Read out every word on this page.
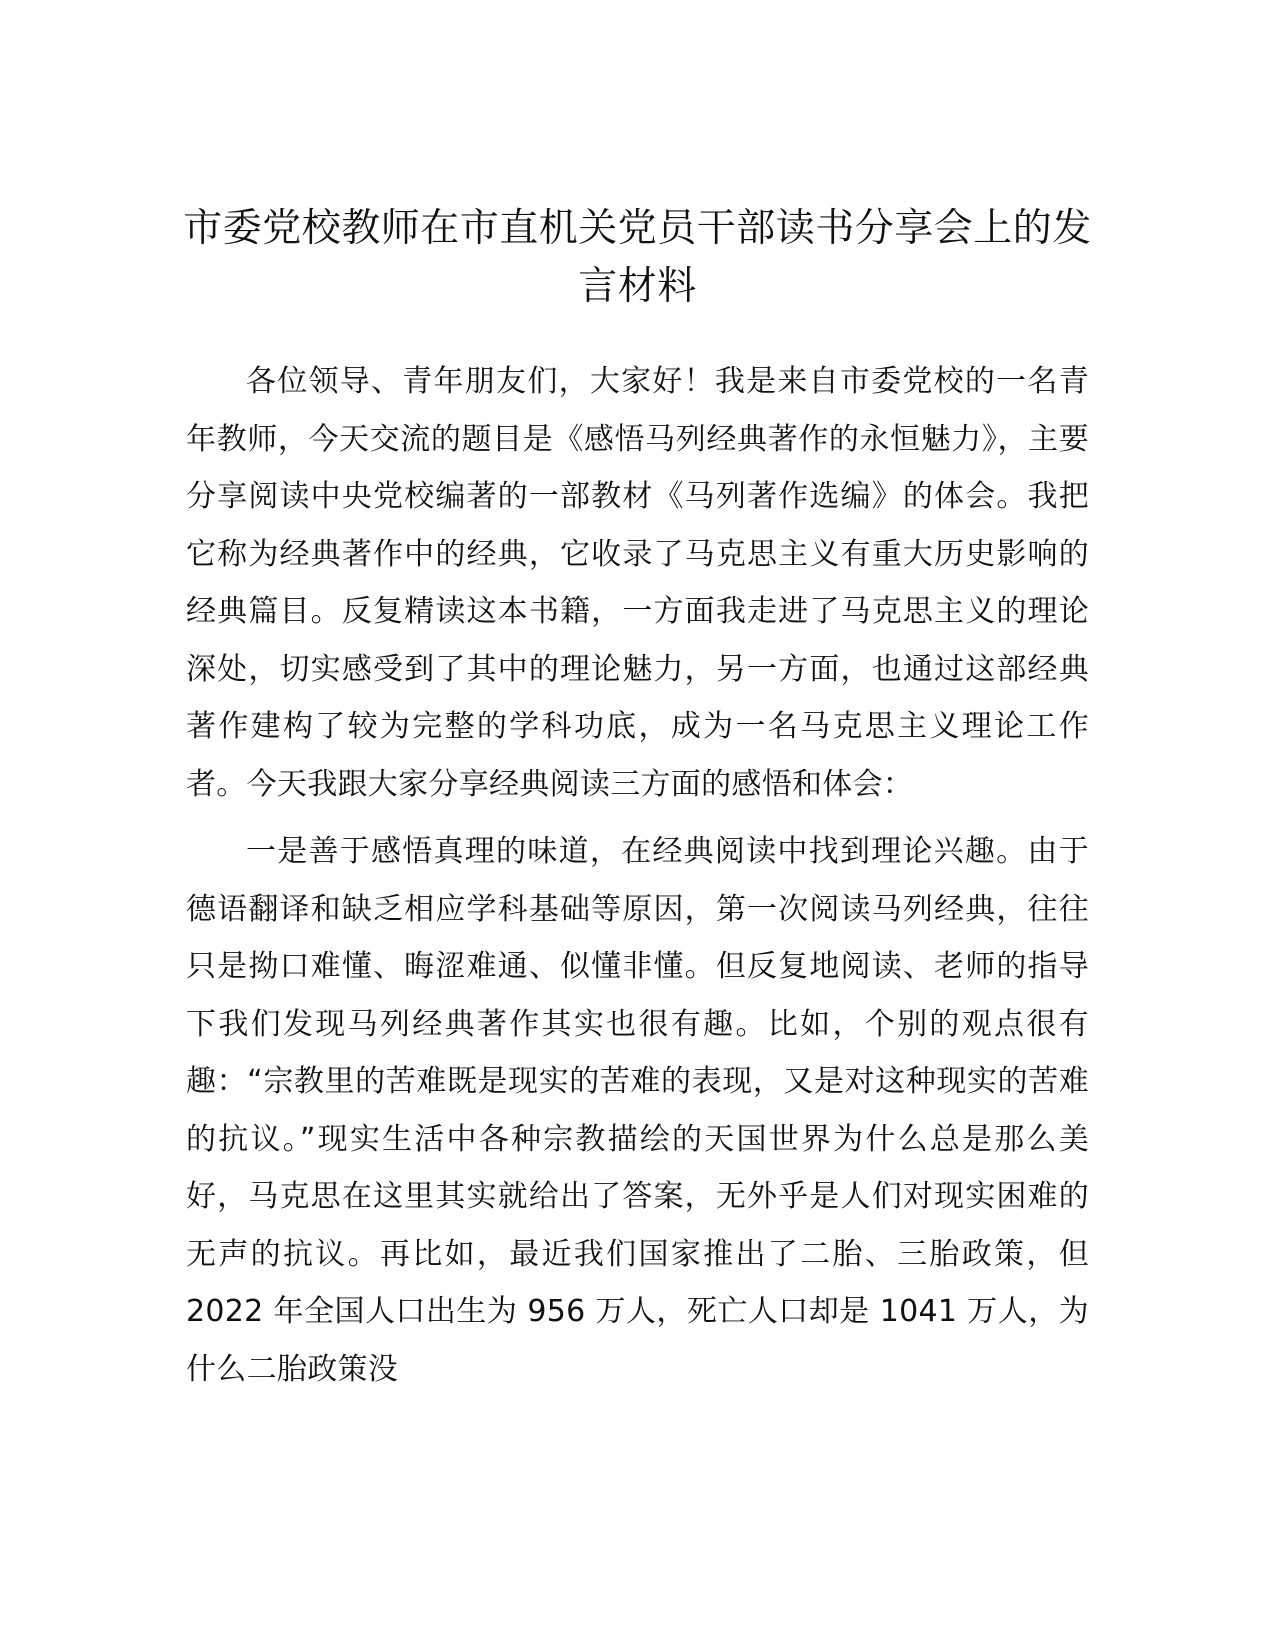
市委党校教师在市直机关党员干部读书分享会上的发言材料

各位领导、青年朋友们，大家好！我是来自市委党校的一名青年教师，今天交流的题目是《感悟马列经典著作的永恒魅力》，主要分享阅读中央党校编著的一部教材《马列著作选编》的体会。我把它称为经典著作中的经典，它收录了马克思主义有重大历史影响的经典篇目。反复精读这本书籍，一方面我走进了马克思主义的理论深处，切实感受到了其中的理论魅力，另一方面，也通过这部经典著作建构了较为完整的学科功底，成为一名马克思主义理论工作者。今天我跟大家分享经典阅读三方面的感悟和体会：

一是善于感悟真理的味道，在经典阅读中找到理论兴趣。由于德语翻译和缺乏相应学科基础等原因，第一次阅读马列经典，往往只是拗口难懂、晦涩难通、似懂非懂。但反复地阅读、老师的指导下我们发现马列经典著作其实也很有趣。比如，个别的观点很有趣：“宗教里的苦难既是现实的苦难的表现，又是对这种现实的苦难的抗议。”现实生活中各种宗教描绘的天国世界为什么总是那么美好，马克思在这里其实就给出了答案，无外乎是人们对现实困难的无声的抗议。再比如，最近我们国家推出了二胎、三胎政策，但 2022 年全国人口出生为 956 万人，死亡人口却是 1041 万人，为什么二胎政策没
